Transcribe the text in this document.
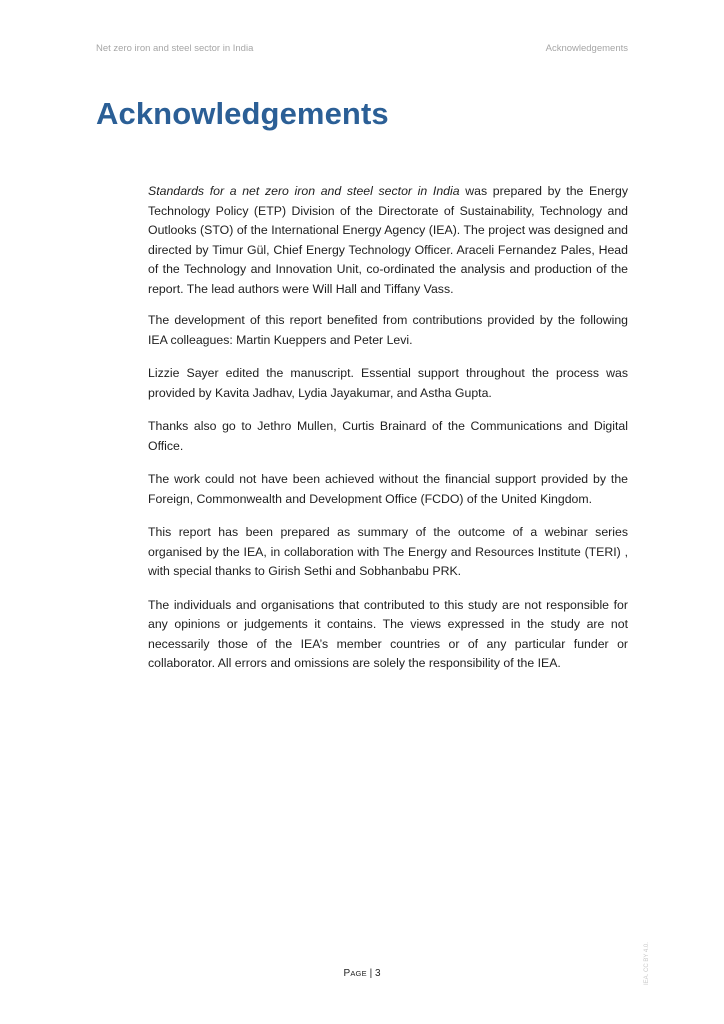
Net zero iron and steel sector in India	Acknowledgements
Acknowledgements

Standards for a net zero iron and steel sector in India was prepared by the Energy Technology Policy (ETP) Division of the Directorate of Sustainability, Technology and Outlooks (STO) of the International Energy Agency (IEA). The project was designed and directed by Timur Gül, Chief Energy Technology Officer. Araceli Fernandez Pales, Head of the Technology and Innovation Unit, co-ordinated the analysis and production of the report. The lead authors were Will Hall and Tiffany Vass.

The development of this report benefited from contributions provided by the following IEA colleagues: Martin Kueppers and Peter Levi.

Lizzie Sayer edited the manuscript. Essential support throughout the process was provided by Kavita Jadhav, Lydia Jayakumar, and Astha Gupta.

Thanks also go to Jethro Mullen, Curtis Brainard of the Communications and Digital Office.

The work could not have been achieved without the financial support provided by the Foreign, Commonwealth and Development Office (FCDO) of the United Kingdom.

This report has been prepared as summary of the outcome of a webinar series organised by the IEA, in collaboration with The Energy and Resources Institute (TERI) , with special thanks to Girish Sethi and Sobhanbabu PRK.

The individuals and organisations that contributed to this study are not responsible for any opinions or judgements it contains. The views expressed in the study are not necessarily those of the IEA’s member countries or of any particular funder or collaborator. All errors and omissions are solely the responsibility of the IEA.

PAGE | 3	IEA. CC BY 4.0.
